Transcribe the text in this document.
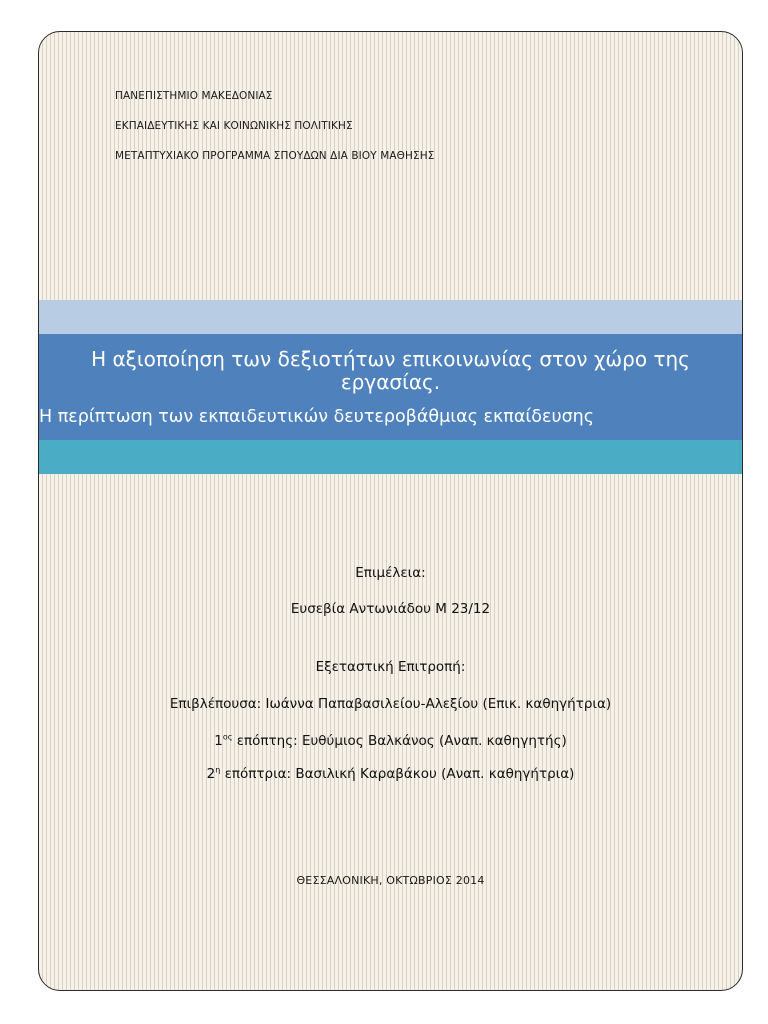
ΠΑΝΕΠΙΣΤΗΜΙΟ ΜΑΚΕΔΟΝΙΑΣ
ΕΚΠΑΙΔΕΥΤΙΚΗΣ ΚΑΙ ΚΟΙΝΩΝΙΚΗΣ ΠΟΛΙΤΙΚΗΣ
ΜΕΤΑΠΤΥΧΙΑΚΟ ΠΡΟΓΡΑΜΜΑ ΣΠΟΥΔΩΝ ΔΙΑ ΒΙΟΥ ΜΑΘΗΣΗΣ
Η αξιοποίηση των δεξιοτήτων επικοινωνίας στον χώρο της
εργασίας.
Η περίπτωση των εκπαιδευτικών δευτεροβάθμιας εκπαίδευσης
Επιμέλεια:
Ευσεβία Αντωνιάδου Μ 23/12
Εξεταστική Επιτροπή:
Επιβλέπουσα: Ιωάννα Παπαβασιλείου-Αλεξίου (Επικ. καθηγήτρια)
$1^{o\varsigma}$ επόπτης: Ευθύμιος Βαλκάνος (Αναπ. καθηγητής)
$2^\eta$ επόπτρια: Βασιλική Καραβάκου (Αναπ. καθηγήτρια)
ΘΕΣΣΑΛΟΝΙΚΗ, ΟΚΤΩΒΡΙΟΣ 2014
